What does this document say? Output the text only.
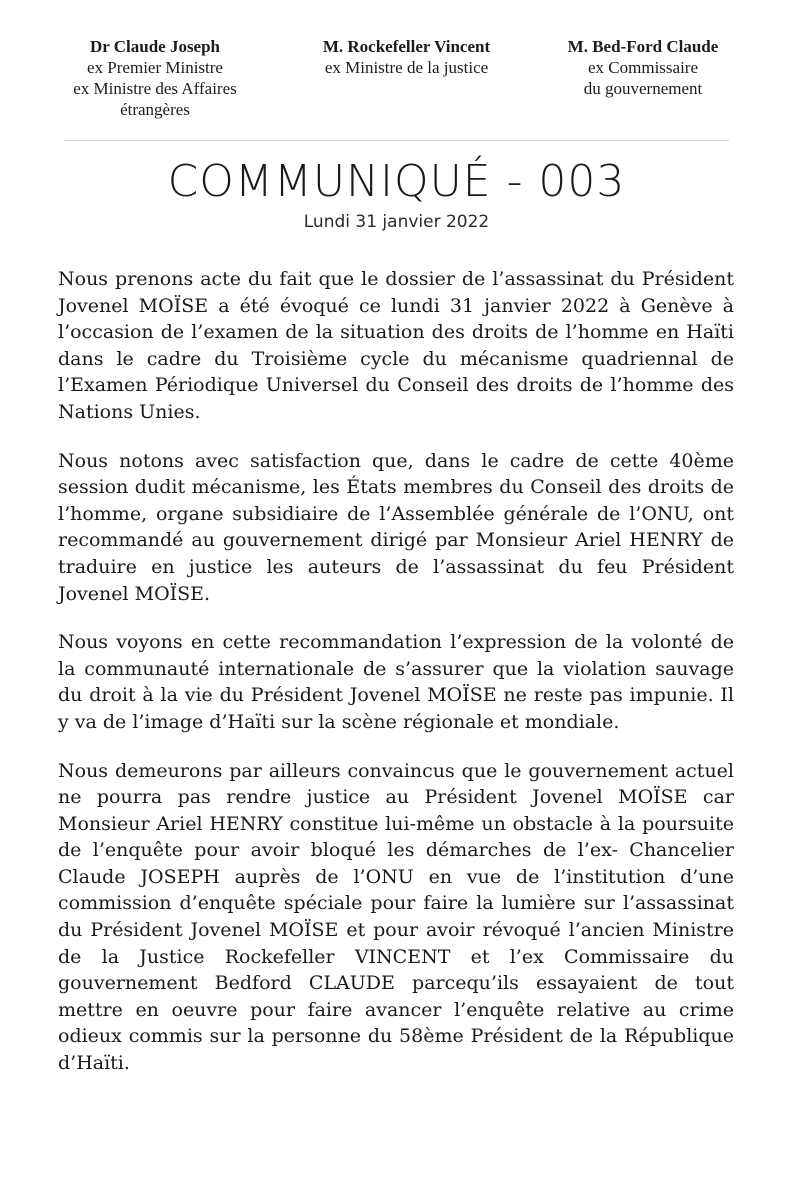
Dr Claude Joseph
ex Premier Ministre
ex Ministre des Affaires
étrangères
M. Rockefeller Vincent
ex Ministre de la justice
M. Bed-Ford Claude
ex Commissaire
du gouvernement
COMMUNIQUÉ - 003
Lundi 31 janvier 2022

Nous prenons acte du fait que le dossier de l’assassinat du Président Jovenel MOÏSE a été évoqué ce lundi 31 janvier 2022 à Genève à l’occasion de l’examen de la situation des droits de l’homme en Haïti dans le cadre du Troisième cycle du mécanisme quadriennal de l’Examen Périodique Universel du Conseil des droits de l’homme des Nations Unies.

Nous notons avec satisfaction que, dans le cadre de cette 40ème session dudit mécanisme, les États membres du Conseil des droits de l’homme, organe subsidiaire de l’Assemblée générale de l’ONU, ont recommandé au gouvernement dirigé par Monsieur Ariel HENRY de traduire en justice les auteurs de l’assassinat du feu Président Jovenel MOÏSE.

Nous voyons en cette recommandation l’expression de la volonté de la communauté internationale de s’assurer que la violation sauvage du droit à la vie du Président Jovenel MOÏSE ne reste pas impunie. Il y va de l’image d’Haïti sur la scène régionale et mondiale.

Nous demeurons par ailleurs convaincus que le gouvernement actuel ne pourra pas rendre justice au Président Jovenel MOÏSE car Monsieur Ariel HENRY constitue lui-même un obstacle à la poursuite de l’enquête pour avoir bloqué les démarches de l’ex- Chancelier Claude JOSEPH auprès de l’ONU en vue de l’institution d’une commission d’enquête spéciale pour faire la lumière sur l’assassinat du Président Jovenel MOÏSE et pour avoir révoqué l’ancien Ministre de la Justice Rockefeller VINCENT et l’ex Commissaire du gouvernement Bedford CLAUDE parcequ’ils essayaient de tout mettre en oeuvre pour faire avancer l’enquête relative au crime odieux commis sur la personne du 58ème Président de la République d’Haïti.
